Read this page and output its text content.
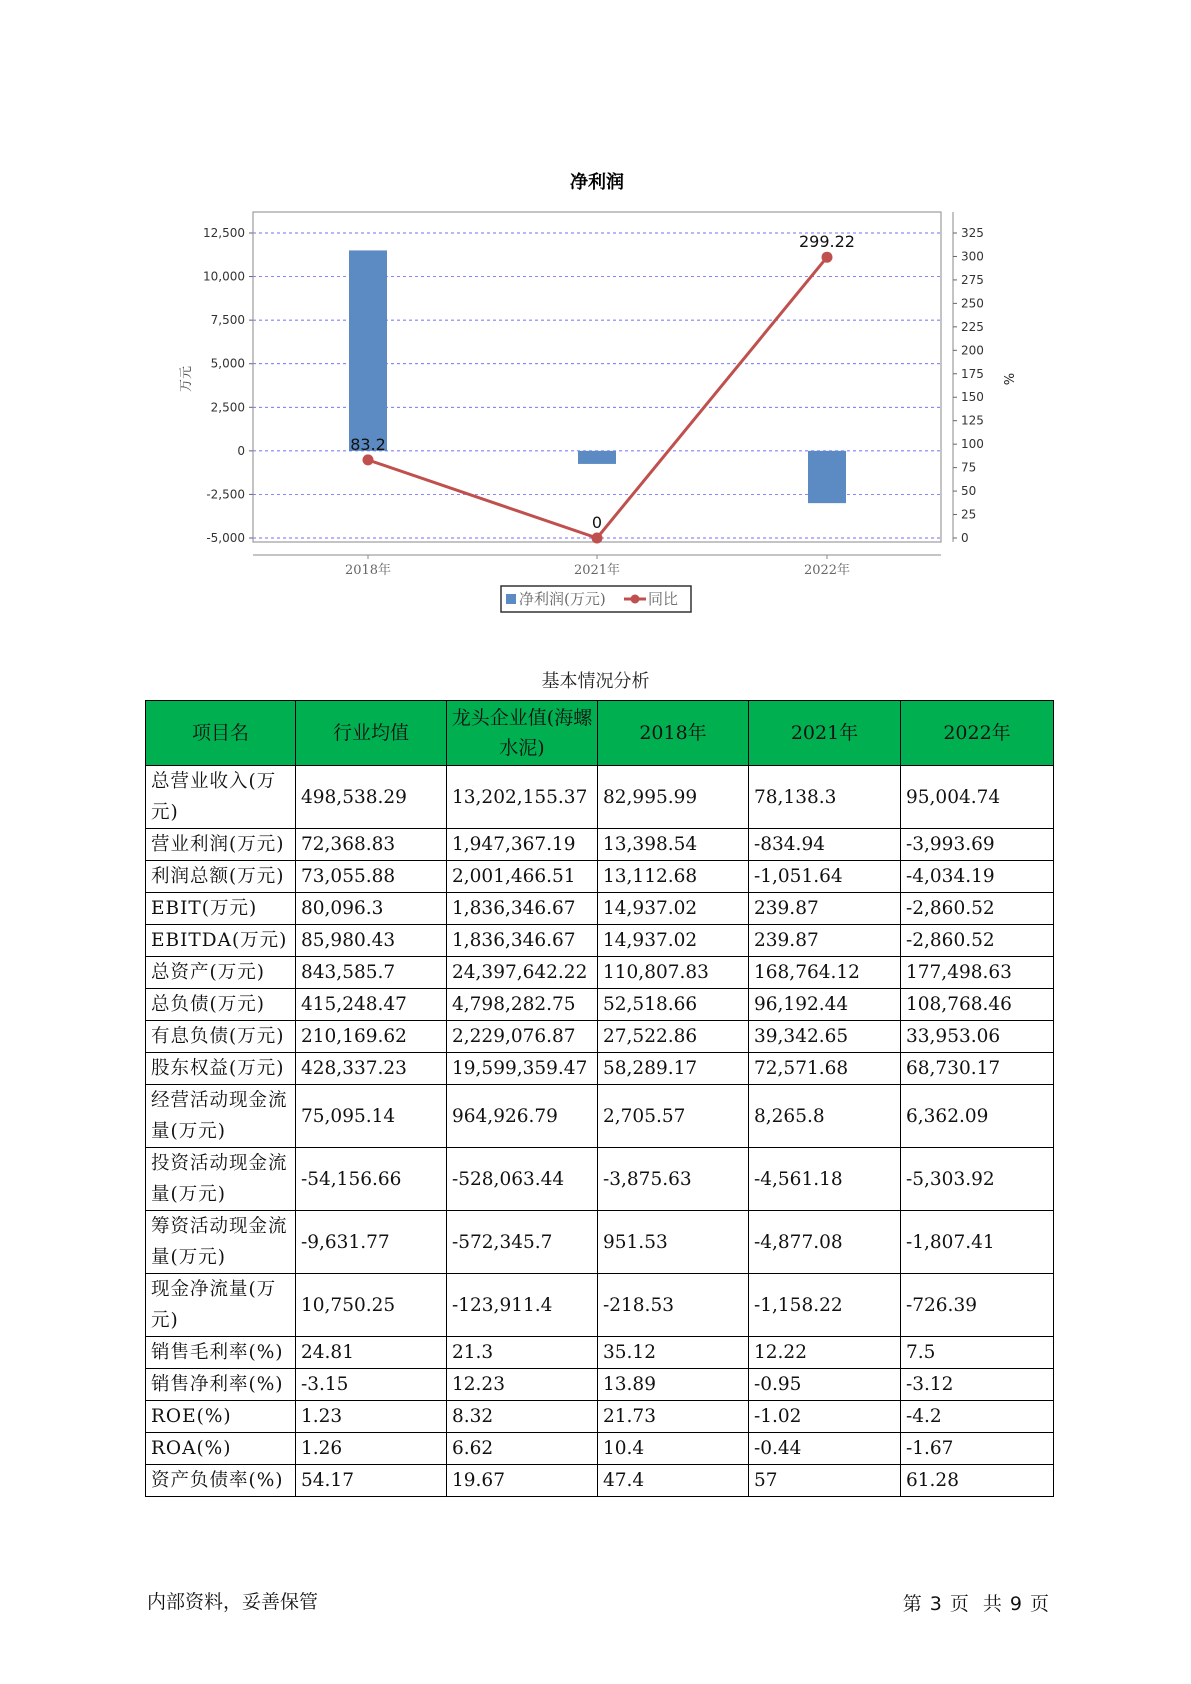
净利润
12,500
10,000
7,500
5,000
2,500
0
-2,500
-5,000
325
300
275
250
225
200
175
150
125
100
75
50
25
0
83.2
0
299.22
2018年	2021年	2022年
万元	%
净利润(万元)	同比
基本情况分析
项目名	行业均值	龙头企业值(海螺水泥)	2018年	2021年	2022年
总营业收入(万元)	498,538.29	13,202,155.37	82,995.99	78,138.3	95,004.74
营业利润(万元)	72,368.83	1,947,367.19	13,398.54	-834.94	-3,993.69
利润总额(万元)	73,055.88	2,001,466.51	13,112.68	-1,051.64	-4,034.19
EBIT(万元)	80,096.3	1,836,346.67	14,937.02	239.87	-2,860.52
EBITDA(万元)	85,980.43	1,836,346.67	14,937.02	239.87	-2,860.52
总资产(万元)	843,585.7	24,397,642.22	110,807.83	168,764.12	177,498.63
总负债(万元)	415,248.47	4,798,282.75	52,518.66	96,192.44	108,768.46
有息负债(万元)	210,169.62	2,229,076.87	27,522.86	39,342.65	33,953.06
股东权益(万元)	428,337.23	19,599,359.47	58,289.17	72,571.68	68,730.17
经营活动现金流量(万元)	75,095.14	964,926.79	2,705.57	8,265.8	6,362.09
投资活动现金流量(万元)	-54,156.66	-528,063.44	-3,875.63	-4,561.18	-5,303.92
筹资活动现金流量(万元)	-9,631.77	-572,345.7	951.53	-4,877.08	-1,807.41
现金净流量(万元)	10,750.25	-123,911.4	-218.53	-1,158.22	-726.39
销售毛利率(%)	24.81	21.3	35.12	12.22	7.5
销售净利率(%)	-3.15	12.23	13.89	-0.95	-3.12
ROE(%)	1.23	8.32	21.73	-1.02	-4.2
ROA(%)	1.26	6.62	10.4	-0.44	-1.67
资产负债率(%)	54.17	19.67	47.4	57	61.28
内部资料，妥善保管	第 3 页 共 9 页
